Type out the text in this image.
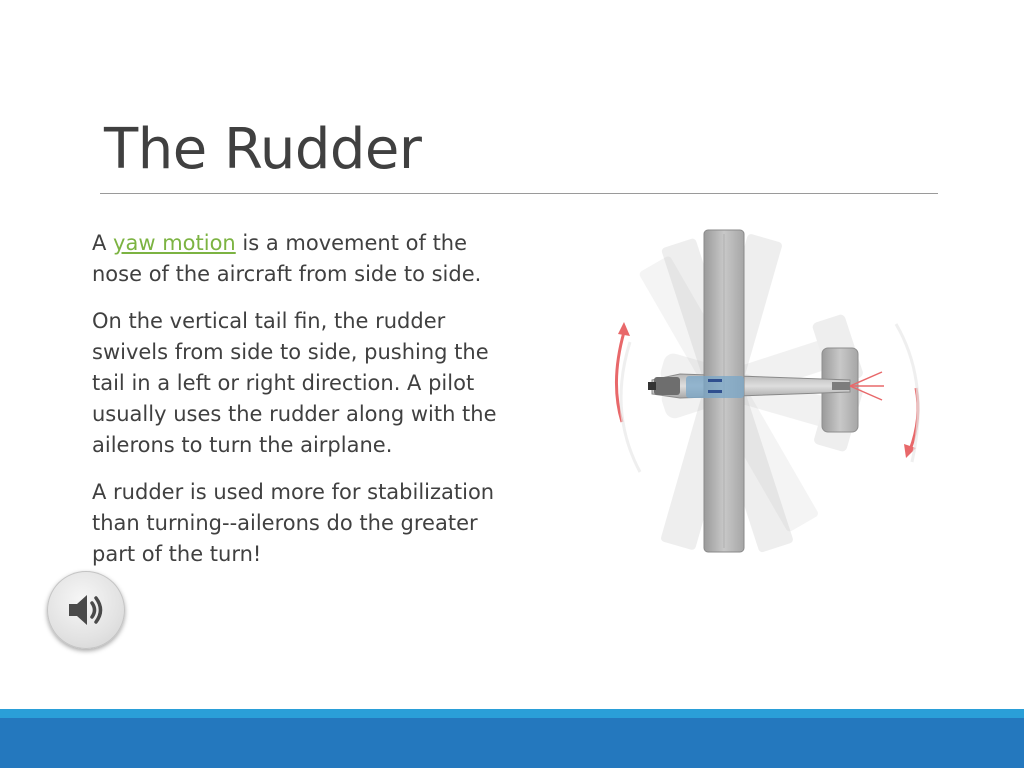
The Rudder

A yaw motion is a movement of the nose of the aircraft from side to side.

On the vertical tail fin, the rudder swivels from side to side, pushing the tail in a left or right direction. A pilot usually uses the rudder along with the ailerons to turn the airplane.

A rudder is used more for stabilization than turning--ailerons do the greater part of the turn!
